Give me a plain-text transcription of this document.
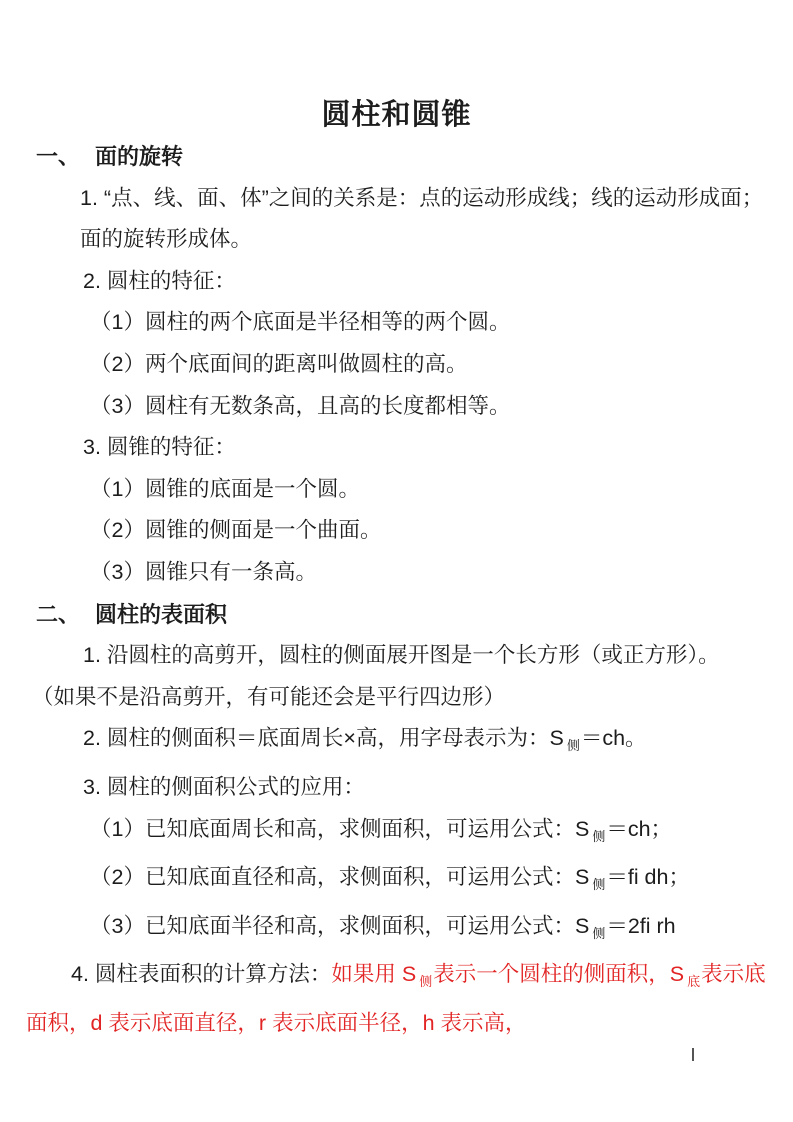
圆柱和圆锥
一、 面的旋转
1. “点、线、面、体”之间的关系是：点的运动形成线；线的运动形成面；
面的旋转形成体。
2. 圆柱的特征：
（1）圆柱的两个底面是半径相等的两个圆。
（2）两个底面间的距离叫做圆柱的高。
（3）圆柱有无数条高，且高的长度都相等。
3. 圆锥的特征：
（1）圆锥的底面是一个圆。
（2）圆锥的侧面是一个曲面。
（3）圆锥只有一条高。
二、 圆柱的表面积
1. 沿圆柱的高剪开，圆柱的侧面展开图是一个长方形（或正方形）。
（如果不是沿高剪开，有可能还会是平行四边形）
2. 圆柱的侧面积＝底面周长×高，用字母表示为：S $_侧$＝ch。
3. 圆柱的侧面积公式的应用：
（1）已知底面周长和高，求侧面积，可运用公式：S $_侧$＝ch；
（2）已知底面直径和高，求侧面积，可运用公式：S $_侧$＝ﬁ dh；
（3）已知底面半径和高，求侧面积，可运用公式：S $_侧$＝2ﬁ rh
4. 圆柱表面积的计算方法：如果用 S $_侧$表示一个圆柱的侧面积，S $_底$表示底
面积，d 表示底面直径，r 表示底面半径，h 表示高，
